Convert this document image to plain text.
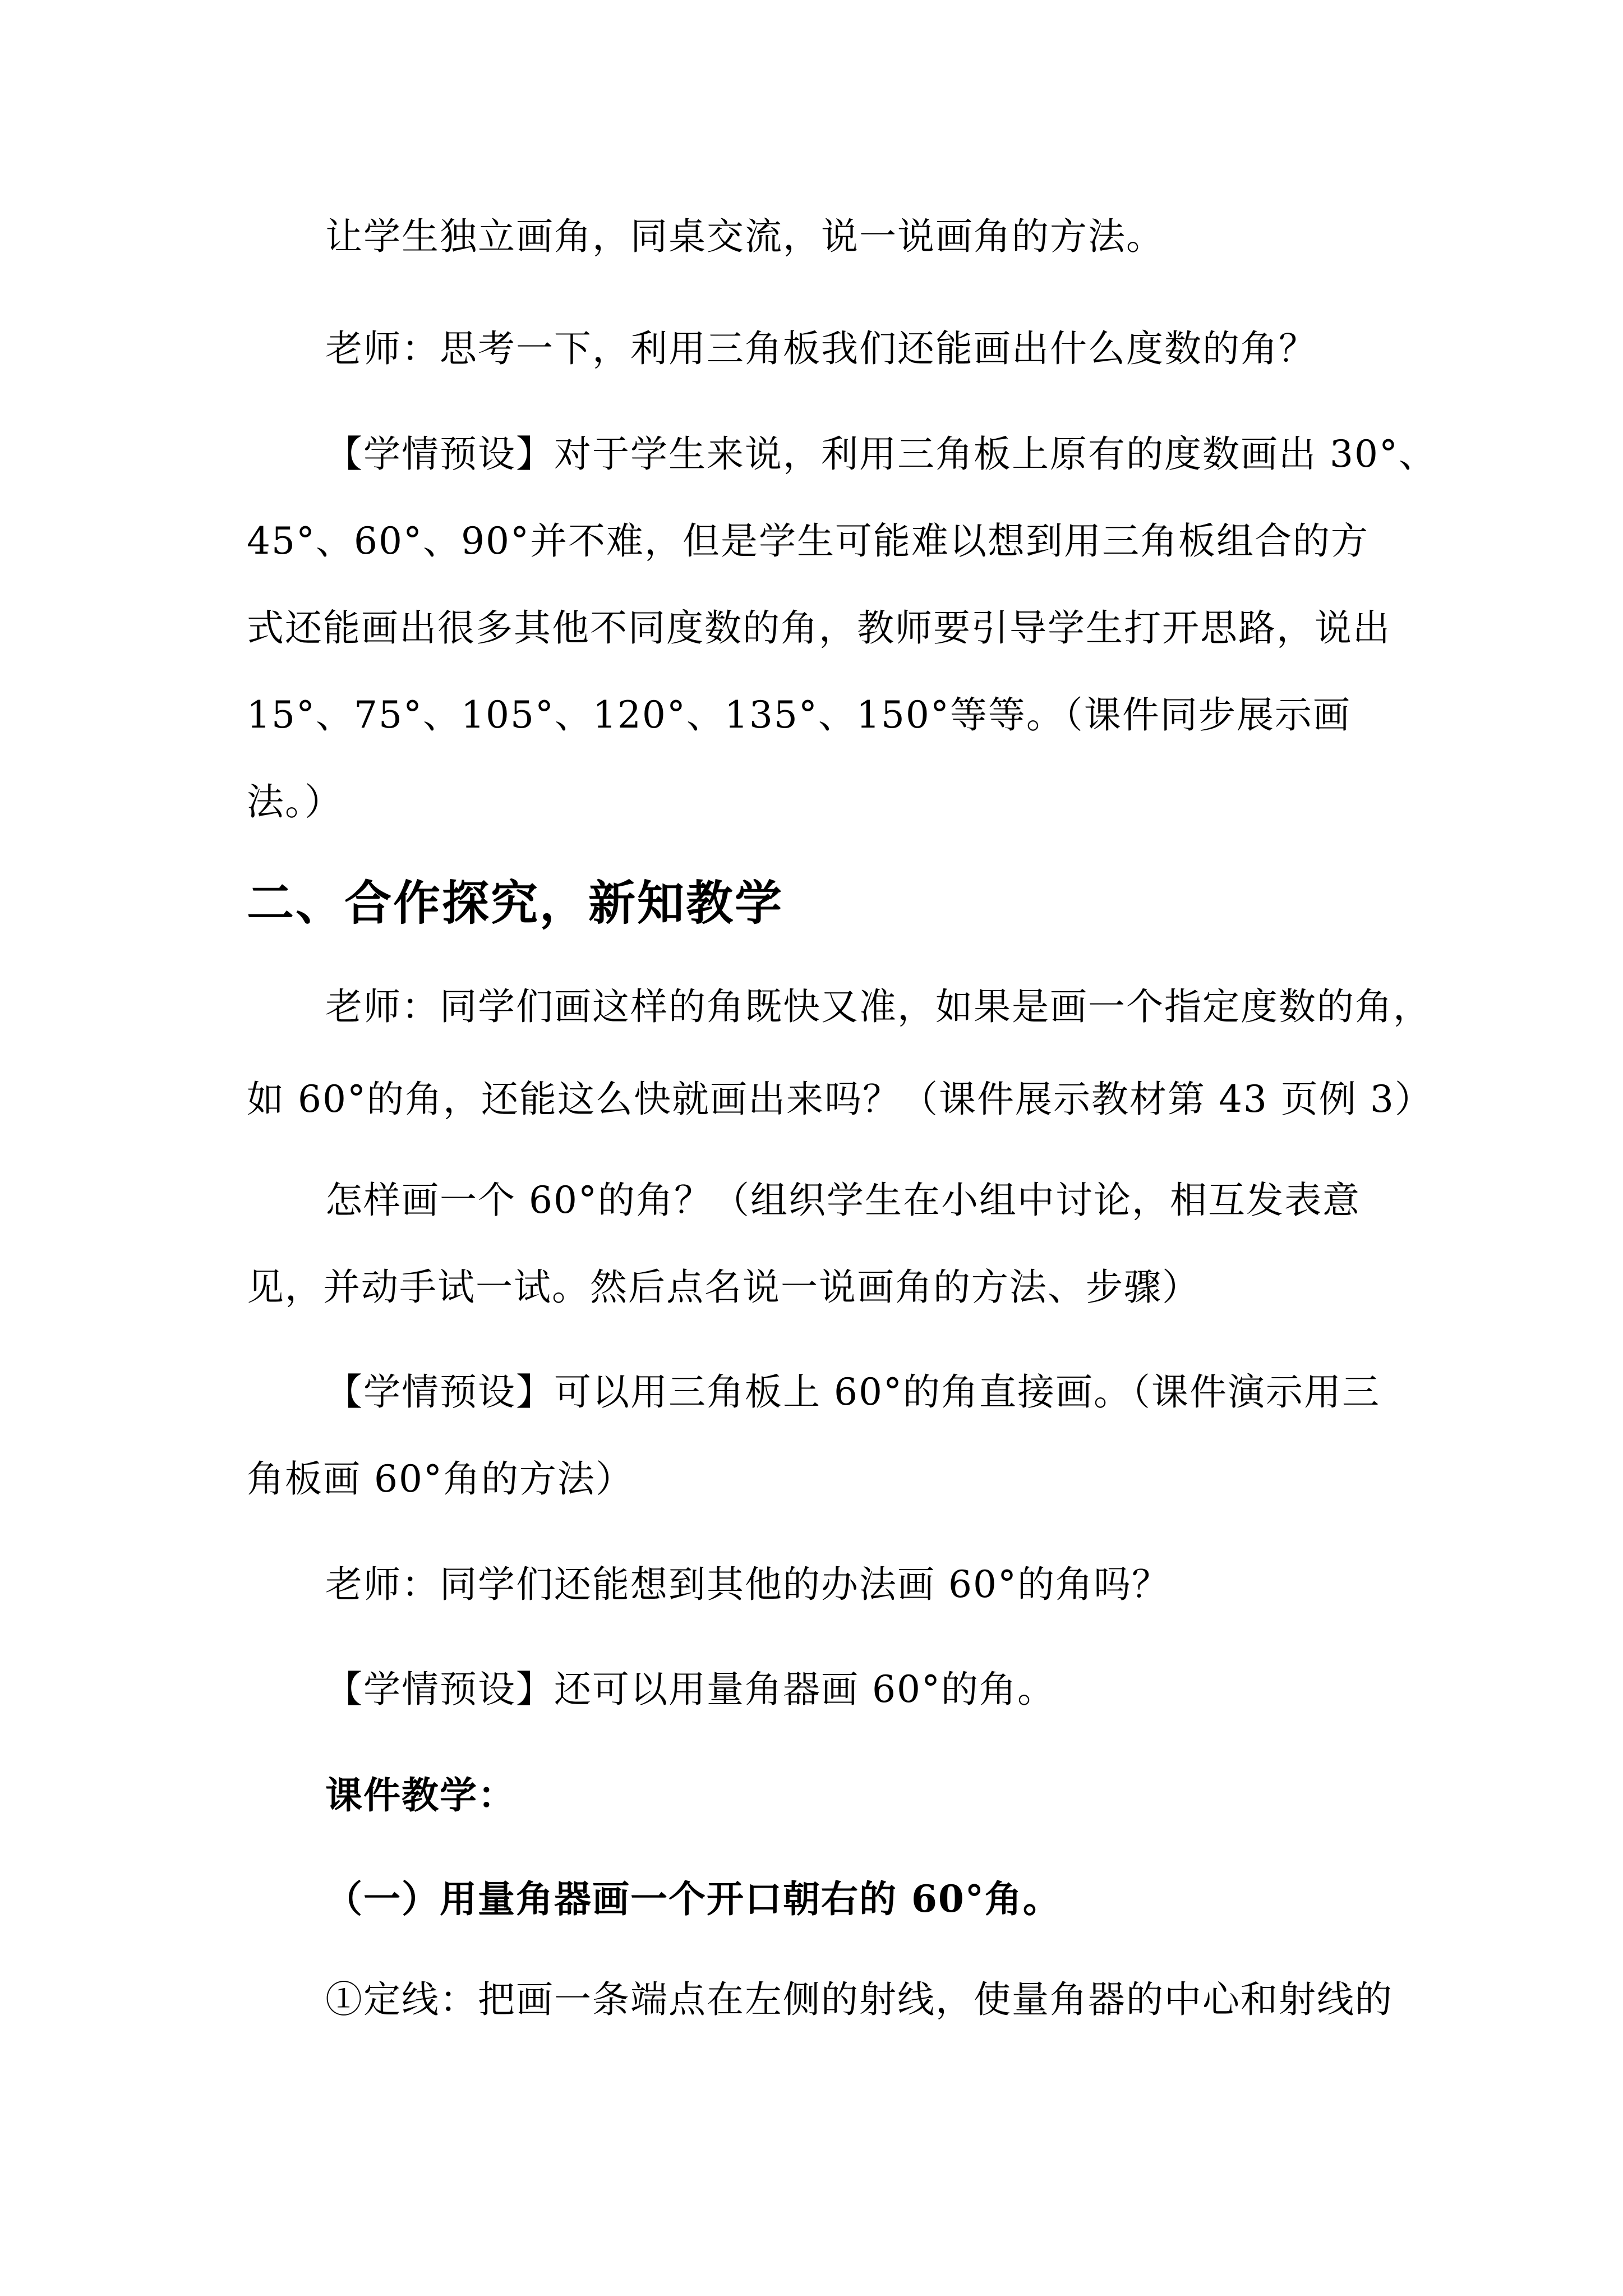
让学生独立画角，同桌交流，说一说画角的方法。
老师：思考一下，利用三角板我们还能画出什么度数的角？
【学情预设】对于学生来说，利用三角板上原有的度数画出 30°、
45°、60°、90°并不难，但是学生可能难以想到用三角板组合的方
式还能画出很多其他不同度数的角，教师要引导学生打开思路，说出
15°、75°、105°、120°、135°、150°等等。（课件同步展示画
法。）
二、合作探究，新知教学
老师：同学们画这样的角既快又准，如果是画一个指定度数的角，
如 60°的角，还能这么快就画出来吗？（课件展示教材第 43 页例 3）
怎样画一个 60°的角？（组织学生在小组中讨论，相互发表意
见，并动手试一试。然后点名说一说画角的方法、步骤）
【学情预设】可以用三角板上 60°的角直接画。（课件演示用三
角板画 60°角的方法）
老师：同学们还能想到其他的办法画 60°的角吗？
【学情预设】还可以用量角器画 60°的角。
课件教学：
（一）用量角器画一个开口朝右的 60°角。
①定线：把画一条端点在左侧的射线，使量角器的中心和射线的
